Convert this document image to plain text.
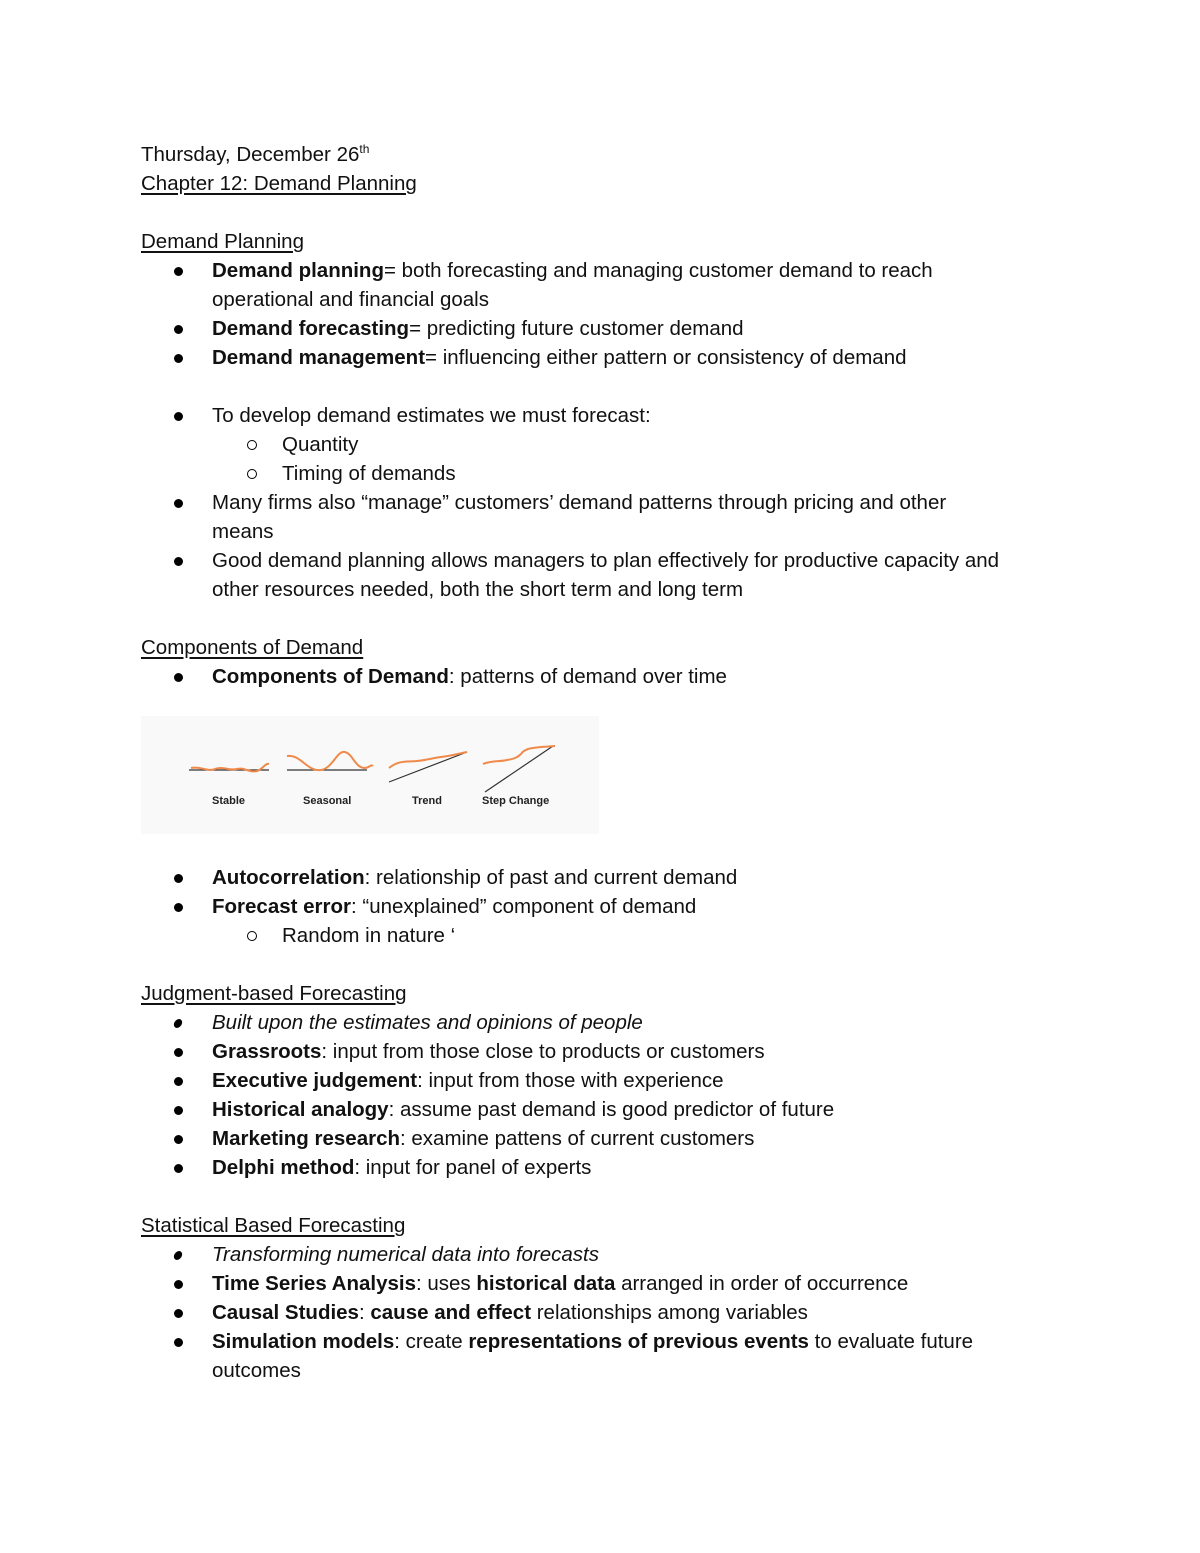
Thursday, December 26th
Chapter 12: Demand Planning
Demand Planning
Demand planning= both forecasting and managing customer demand to reach
operational and financial goals
Demand forecasting= predicting future customer demand
Demand management= influencing either pattern or consistency of demand
To develop demand estimates we must forecast:
Quantity
Timing of demands
Many firms also “manage” customers’ demand patterns through pricing and other
means
Good demand planning allows managers to plan effectively for productive capacity and
other resources needed, both the short term and long term
Components of Demand
Components of Demand: patterns of demand over time
Stable	Seasonal	Trend	Step Change
Autocorrelation: relationship of past and current demand
Forecast error: “unexplained” component of demand
Random in nature ‘
Judgment-based Forecasting
Built upon the estimates and opinions of people
Grassroots: input from those close to products or customers
Executive judgement: input from those with experience
Historical analogy: assume past demand is good predictor of future
Marketing research: examine pattens of current customers
Delphi method: input for panel of experts
Statistical Based Forecasting
Transforming numerical data into forecasts
Time Series Analysis: uses historical data arranged in order of occurrence
Causal Studies: cause and effect relationships among variables
Simulation models: create representations of previous events to evaluate future
outcomes
